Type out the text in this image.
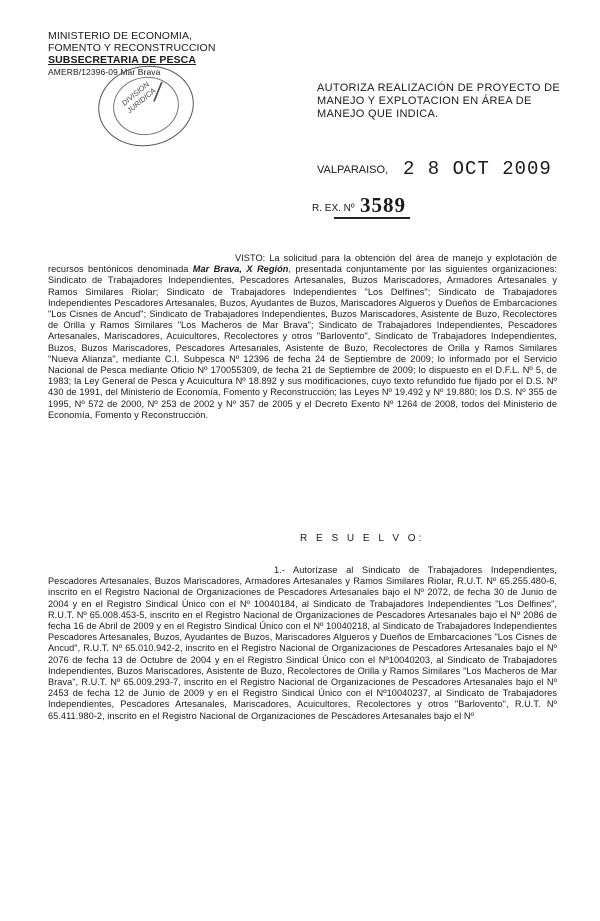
MINISTERIO DE ECONOMIA,
FOMENTO Y RECONSTRUCCION
SUBSECRETARIA DE PESCA
AMERB/12396-09 Mar Brava
DIVISION JURIDICA
⁄	AUTORIZA REALIZACIÓN DE PROYECTO DE MANEJO Y EXPLOTACION EN ÁREA DE MANEJO QUE INDICA.
VALPARAISO, 2 8 OCT 2009
R. EX. Nº 3589
VISTO: La solicitud para la obtención del área de manejo y explotación de recursos bentónicos denominada Mar Brava, X Región, presentada conjuntamente por las siguientes organizaciones: Sindicato de Trabajadores Independientes, Pescadores Artesanales, Buzos Mariscadores, Armadores Artesanales y Ramos Similares Riolar; Sindicato de Trabajadores Independientes "Los Delfines"; Sindicato de Trabajadores Independientes Pescadores Artesanales, Buzos, Ayudantes de Buzos, Mariscadores Algueros y Dueños de Embarcaciones "Los Cisnes de Ancud"; Sindicato de Trabajadores Independientes, Buzos Mariscadores, Asistente de Buzo, Recolectores de Orilla y Ramos Similares "Los Macheros de Mar Brava"; Sindicato de Trabajadores Independientes, Pescadores Artesanales, Mariscadores, Acuicultores, Recolectores y otros "Barlovento", Sindicato de Trabajadores Independientes, Buzos, Buzos Mariscadores, Pescadores Artesanales, Asistente de Buzo, Recolectores de Orilla y Ramos Similares "Nueva Alianza", mediante C.I. Subpesca Nº 12396 de fecha 24 de Septiembre de 2009; lo informado por el Servicio Nacional de Pesca mediante Oficio Nº 170055309, de fecha 21 de Septiembre de 2009; lo dispuesto en el D.F.L. Nº 5, de 1983; la Ley General de Pesca y Acuicultura Nº 18.892 y sus modificaciones, cuyo texto refundido fue fijado por el D.S. Nº 430 de 1991, del Ministerio de Economía, Fomento y Reconstrucción; las Leyes Nº 19.492 y Nº 19.880; los D.S. Nº 355 de 1995, Nº 572 de 2000, Nº 253 de 2002 y Nº 357 de 2005 y el Decreto Exento Nº 1264 de 2008, todos del Ministerio de Economía, Fomento y Reconstrucción.
R E S U E L V O:
1.- Autorízase al Sindicato de Trabajadores Independientes, Pescadores Artesanales, Buzos Mariscadores, Armadores Artesanales y Ramos Similares Riolar, R.U.T. Nº 65.255.480-6, inscrito en el Registro Nacional de Organizaciones de Pescadores Artesanales bajo el Nº 2072, de fecha 30 de Junio de 2004 y en el Registro Sindical Único con el Nº 10040184, al Sindicato de Trabajadores Independientes "Los Delfines", R.U.T. Nº 65.008.453-5, inscrito en el Registro Nacional de Organizaciones de Pescadores Artesanales bajo el Nº 2086 de fecha 16 de Abril de 2009 y en el Registro Sindical Único con el Nº 10040218, al Sindicato de Trabajadores Independientes Pescadores Artesanales, Buzos, Ayudantes de Buzos, Mariscadores Algueros y Dueños de Embarcaciones "Los Cisnes de Ancud", R.U.T. Nº 65.010.942-2, inscrito en el Registro Nacional de Organizaciones de Pescadores Artesanales bajo el Nº 2076 de fecha 13 de Octubre de 2004 y en el Registro Sindical Único con el Nº10040203, al Sindicato de Trabajadores Independientes, Buzos Mariscadores, Asistente de Buzo, Recolectores de Orilla y Ramos Similares "Los Macheros de Mar Brava", R.U.T. Nº 65.009.293-7, inscrito en el Registro Nacional de Organizaciones de Pescadores Artesanales bajo el Nº 2453 de fecha 12 de Junio de 2009 y en el Registro Sindical Único con el Nº10040237, al Sindicato de Trabajadores Independientes, Pescadores Artesanales, Mariscadores, Acuicultores, Recolectores y otros "Barlovento", R.U.T. Nº 65.411.980-2, inscrito en el Registro Nacional de Organizaciones de Pescadores Artesanales bajo el Nº
